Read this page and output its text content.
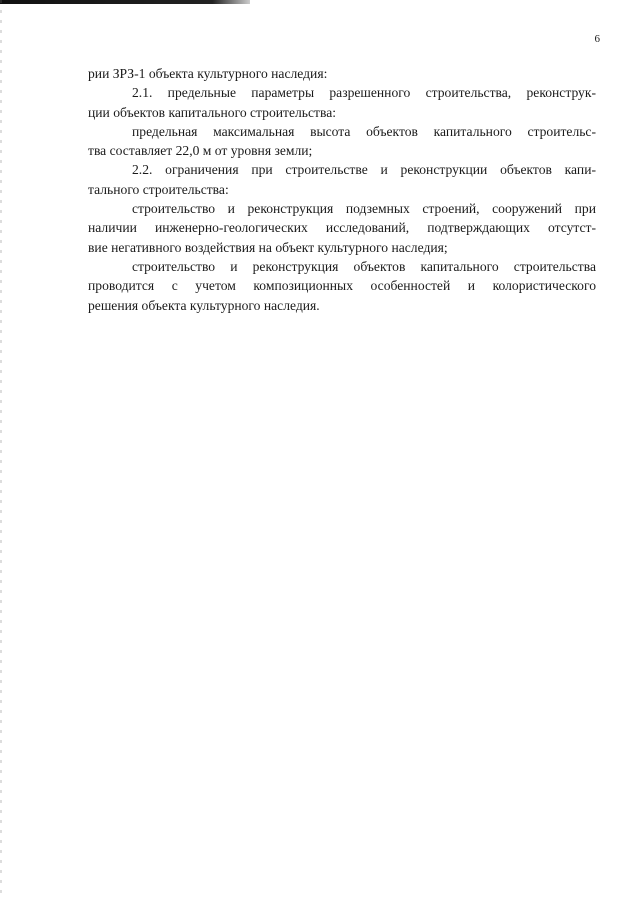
6
рии ЗРЗ-1 объекта культурного наследия:
2.1. предельные параметры разрешенного строительства, реконструк-
ции объектов капитального строительства:
предельная максимальная высота объектов капитального строительс-
тва составляет 22,0 м от уровня земли;
2.2. ограничения при строительстве и реконструкции объектов капи-
тального строительства:
строительство и реконструкция подземных строений, сооружений при
наличии инженерно-геологических исследований, подтверждающих отсутст-
вие негативного воздействия на объект культурного наследия;
строительство и реконструкция объектов капитального строительства
проводится с учетом композиционных особенностей и колористического
решения объекта культурного наследия.
